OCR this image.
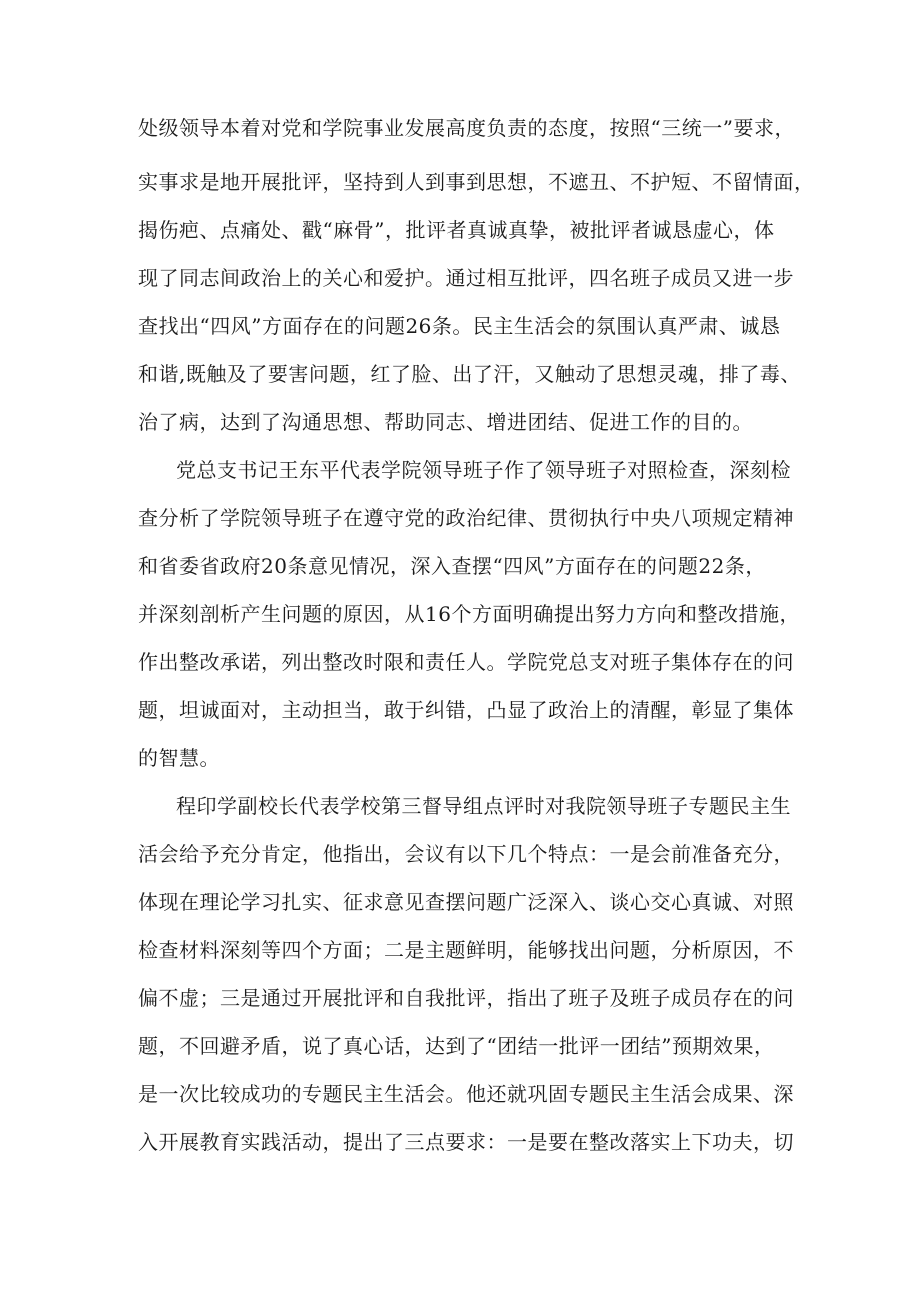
处级领导本着对党和学院事业发展高度负责的态度，按照“三统一”要求，
实事求是地开展批评，坚持到人到事到思想，不遮丑、不护短、不留情面，
揭伤疤、点痛处、戳“麻骨”，批评者真诚真挚，被批评者诚恳虚心，体
现了同志间政治上的关心和爱护。通过相互批评，四名班子成员又进一步
查找出“四风”方面存在的问题26条。民主生活会的氛围认真严肃、诚恳
和谐,既触及了要害问题，红了脸、出了汗，又触动了思想灵魂，排了毒、
治了病，达到了沟通思想、帮助同志、增进团结、促进工作的目的。
党总支书记王东平代表学院领导班子作了领导班子对照检查，深刻检
查分析了学院领导班子在遵守党的政治纪律、贯彻执行中央八项规定精神
和省委省政府20条意见情况，深入查摆“四风”方面存在的问题22条，
并深刻剖析产生问题的原因，从16个方面明确提出努力方向和整改措施，
作出整改承诺，列出整改时限和责任人。学院党总支对班子集体存在的问
题，坦诚面对，主动担当，敢于纠错，凸显了政治上的清醒，彰显了集体
的智慧。
程印学副校长代表学校第三督导组点评时对我院领导班子专题民主生
活会给予充分肯定，他指出，会议有以下几个特点：一是会前准备充分，
体现在理论学习扎实、征求意见查摆问题广泛深入、谈心交心真诚、对照
检查材料深刻等四个方面；二是主题鲜明，能够找出问题，分析原因，不
偏不虚；三是通过开展批评和自我批评，指出了班子及班子成员存在的问
题，不回避矛盾，说了真心话，达到了“团结一批评一团结”预期效果，
是一次比较成功的专题民主生活会。他还就巩固专题民主生活会成果、深
入开展教育实践活动，提出了三点要求：一是要在整改落实上下功夫，切
